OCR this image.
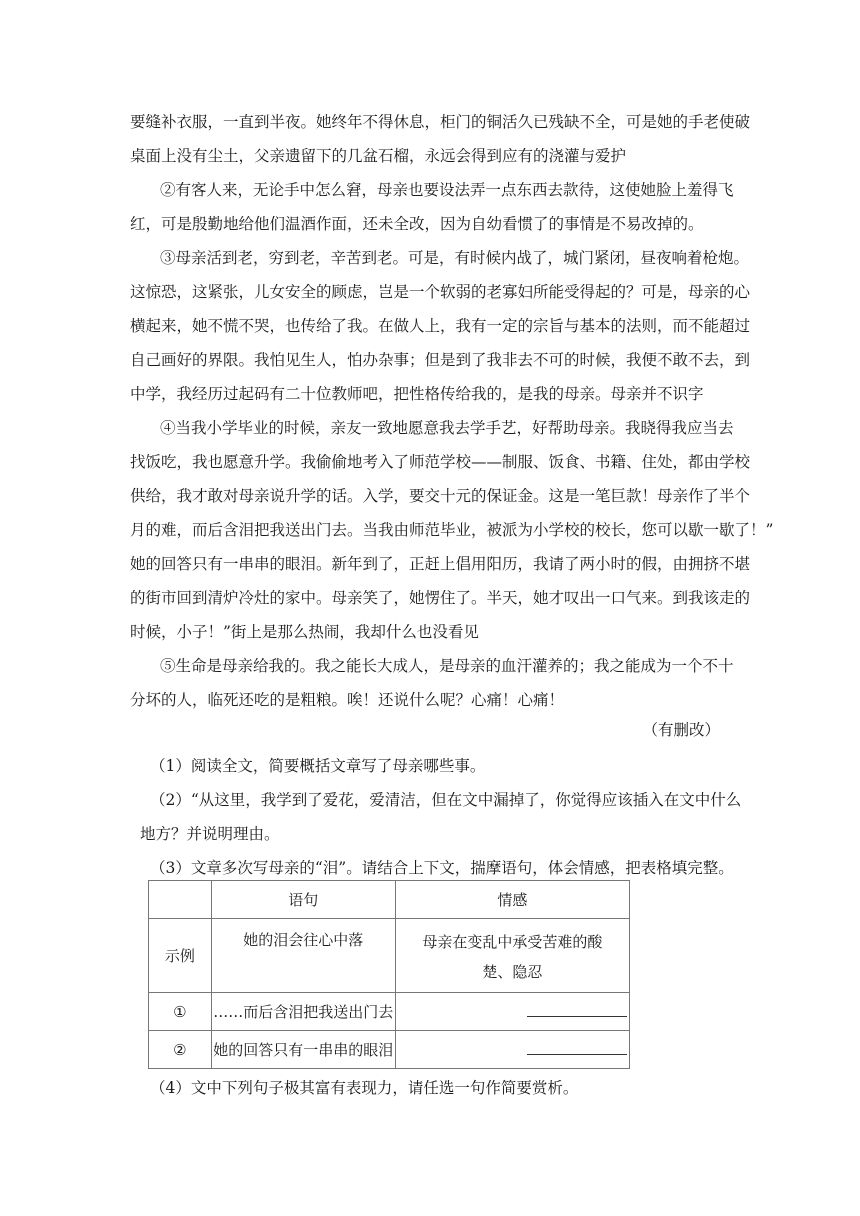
要缝补衣服，一直到半夜。她终年不得休息，柜门的铜活久已残缺不全，可是她的手老使破
桌面上没有尘土，父亲遗留下的几盆石榴，永远会得到应有的浇灌与爱护
②有客人来，无论手中怎么窘，母亲也要设法弄一点东西去款待，这使她脸上羞得飞
红，可是殷勤地给他们温酒作面，还未全改，因为自幼看惯了的事情是不易改掉的。
③母亲活到老，穷到老，辛苦到老。可是，有时候内战了，城门紧闭，昼夜响着枪炮。
这惊恐，这紧张，儿女安全的顾虑，岂是一个软弱的老寡妇所能受得起的？可是，母亲的心
横起来，她不慌不哭，也传给了我。在做人上，我有一定的宗旨与基本的法则，而不能超过
自己画好的界限。我怕见生人，怕办杂事；但是到了我非去不可的时候，我便不敢不去，到
中学，我经历过起码有二十位教师吧，把性格传给我的，是我的母亲。母亲并不识字
④当我小学毕业的时候，亲友一致地愿意我去学手艺，好帮助母亲。我晓得我应当去
找饭吃，我也愿意升学。我偷偷地考入了师范学校——制服、饭食、书籍、住处，都由学校
供给，我才敢对母亲说升学的话。入学，要交十元的保证金。这是一笔巨款！母亲作了半个
月的难，而后含泪把我送出门去。当我由师范毕业，被派为小学校的校长，您可以歇一歇了！”
她的回答只有一串串的眼泪。新年到了，正赶上倡用阳历，我请了两小时的假，由拥挤不堪
的街市回到清炉冷灶的家中。母亲笑了，她愣住了。半天，她才叹出一口气来。到我该走的
时候，小子！”街上是那么热闹，我却什么也没看见
⑤生命是母亲给我的。我之能长大成人，是母亲的血汗灌养的；我之能成为一个不十
分坏的人，临死还吃的是粗粮。唉！还说什么呢？心痛！心痛！
（有删改）
（1）阅读全文，简要概括文章写了母亲哪些事。
（2）“从这里，我学到了爱花，爱清洁，但在文中漏掉了，你觉得应该插入在文中什么
地方？并说明理由。
（3）文章多次写母亲的“泪”。请结合上下文，揣摩语句，体会情感，把表格填完整。
	语句	情感
示例	她的泪会往心中落	母亲在变乱中承受苦难的酸
楚、隐忍
①	……而后含泪把我送出门去	
②	她的回答只有一串串的眼泪	
（4）文中下列句子极其富有表现力，请任选一句作简要赏析。
